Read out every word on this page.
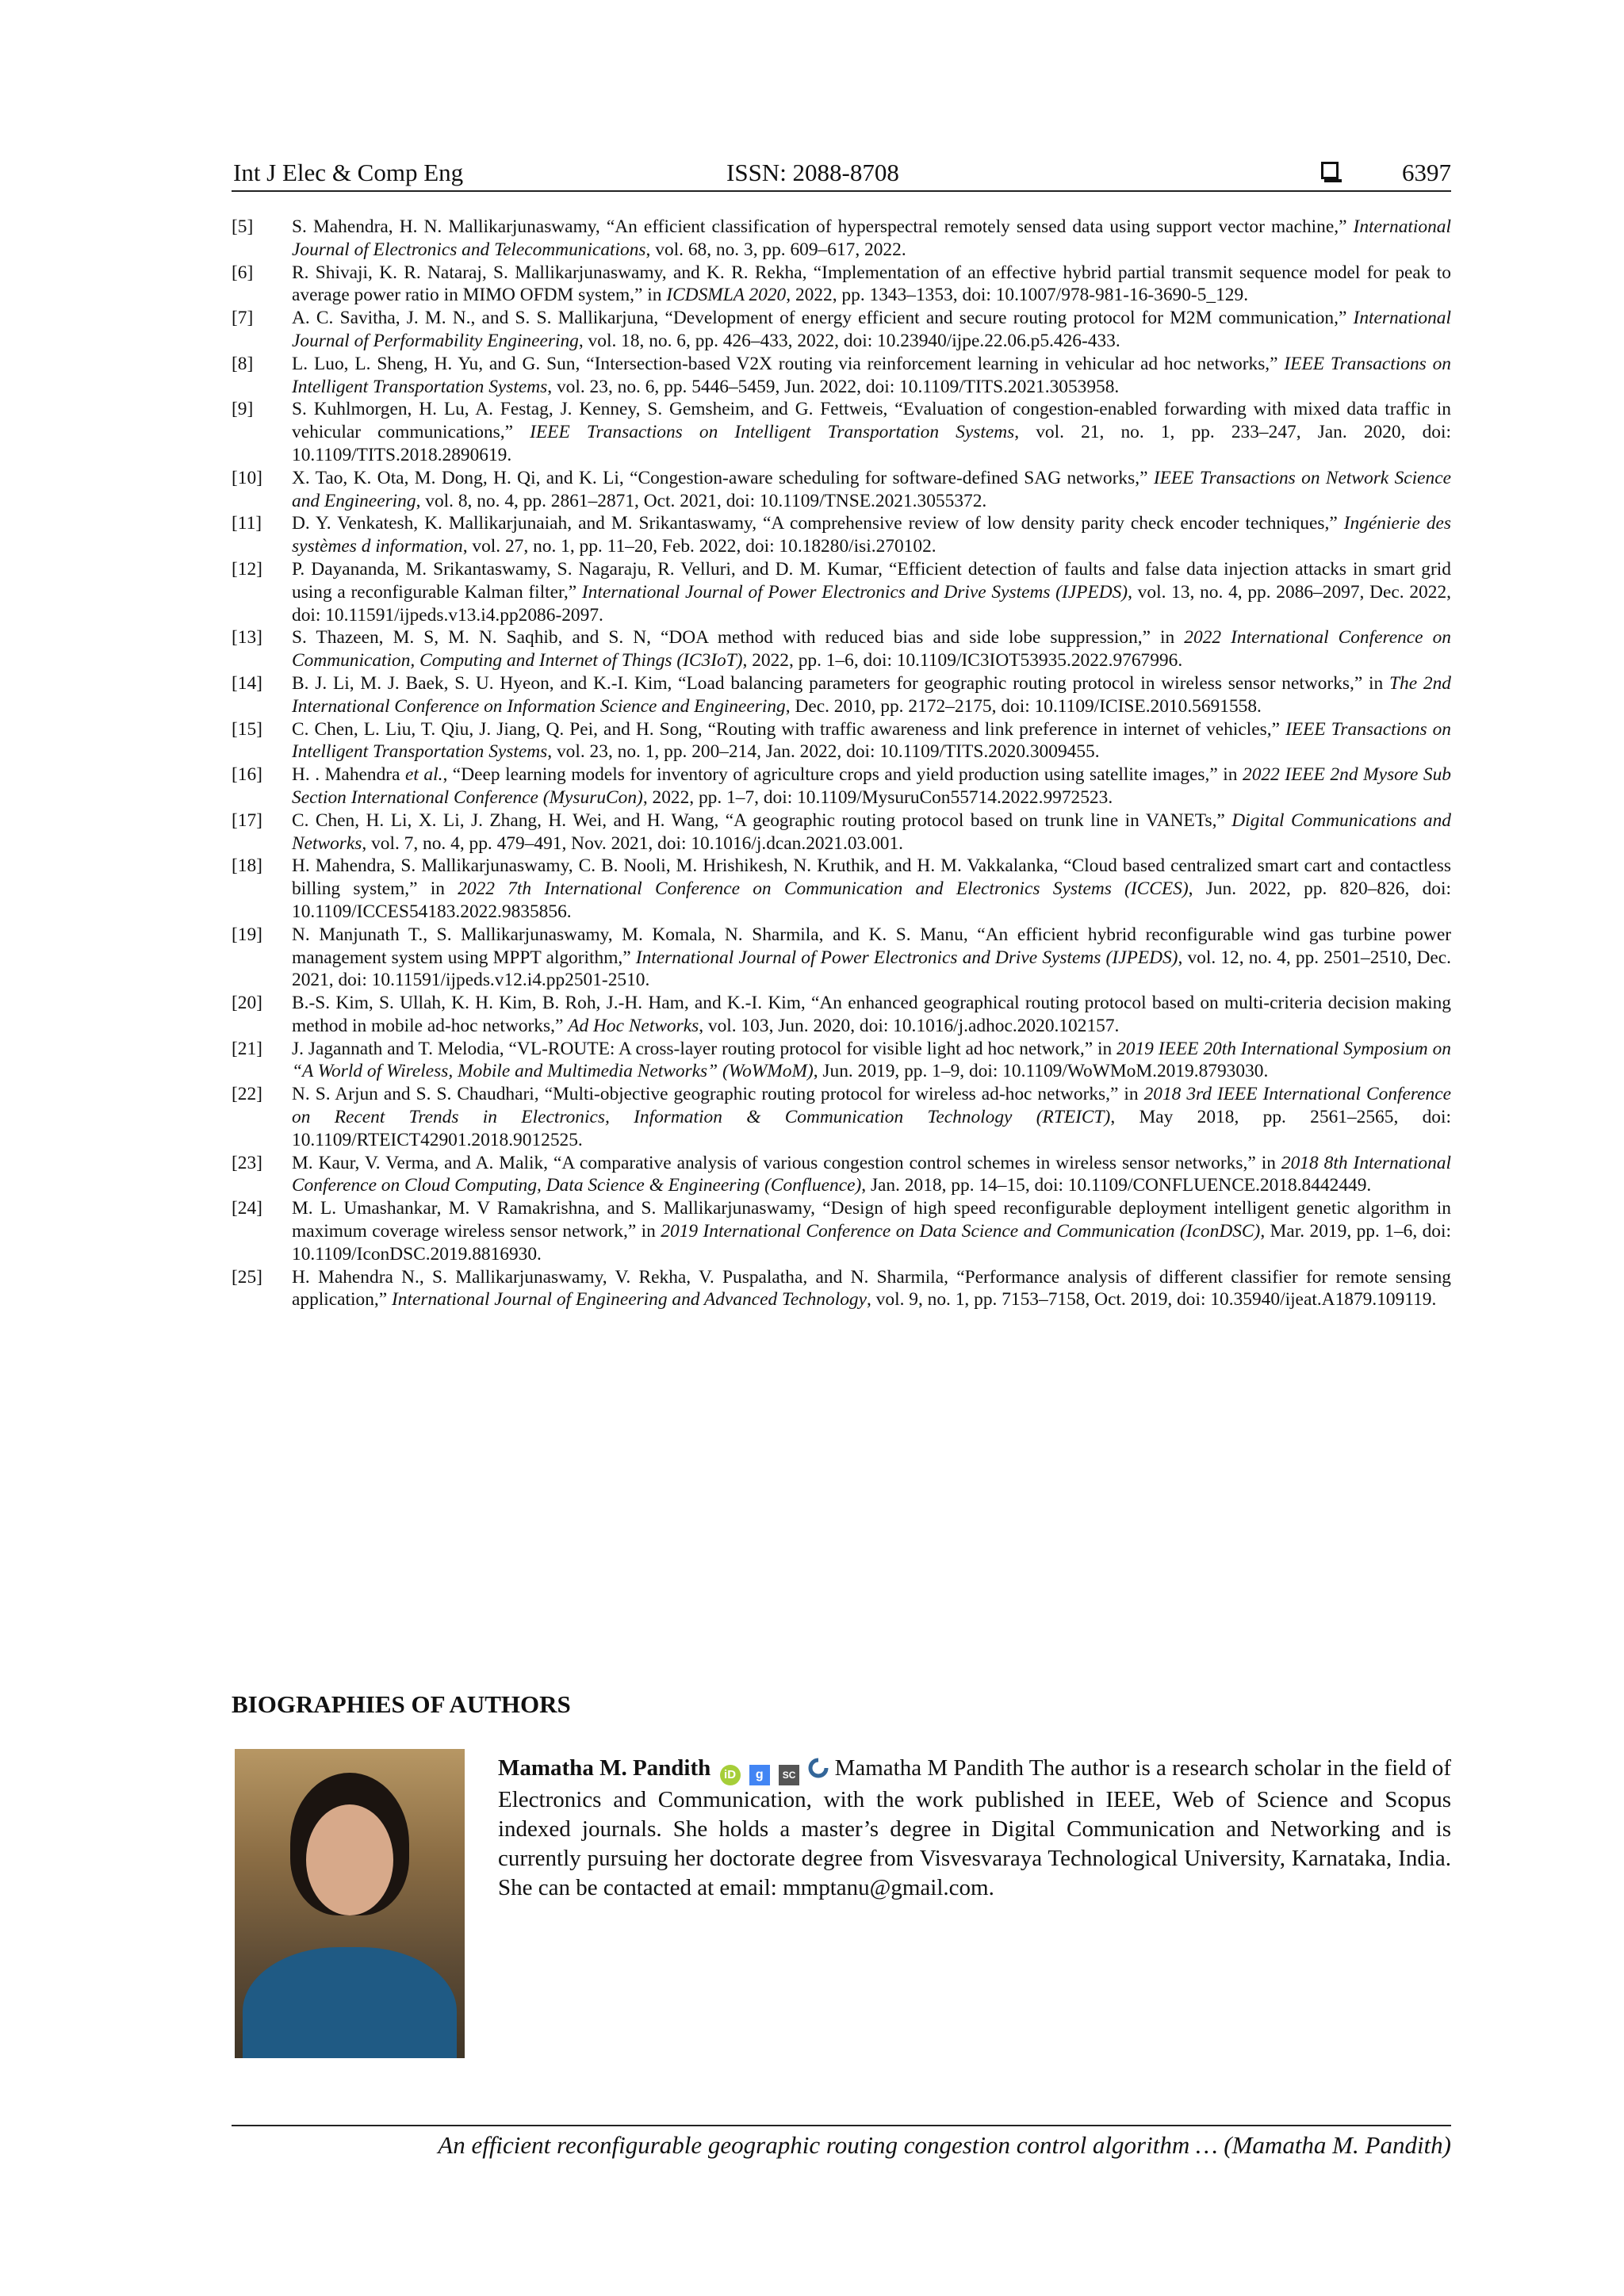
Int J Elec & Comp Eng	ISSN: 2088-8708	6397
[5]	S. Mahendra, H. N. Mallikarjunaswamy, “An efficient classification of hyperspectral remotely sensed data using support vector machine,” International Journal of Electronics and Telecommunications, vol. 68, no. 3, pp. 609–617, 2022.
[6]	R. Shivaji, K. R. Nataraj, S. Mallikarjunaswamy, and K. R. Rekha, “Implementation of an effective hybrid partial transmit sequence model for peak to average power ratio in MIMO OFDM system,” in ICDSMLA 2020, 2022, pp. 1343–1353, doi: 10.1007/978-981-16-3690-5_129.
[7]	A. C. Savitha, J. M. N., and S. S. Mallikarjuna, “Development of energy efficient and secure routing protocol for M2M communication,” International Journal of Performability Engineering, vol. 18, no. 6, pp. 426–433, 2022, doi: 10.23940/ijpe.22.06.p5.426-433.
[8]	L. Luo, L. Sheng, H. Yu, and G. Sun, “Intersection-based V2X routing via reinforcement learning in vehicular ad hoc networks,” IEEE Transactions on Intelligent Transportation Systems, vol. 23, no. 6, pp. 5446–5459, Jun. 2022, doi: 10.1109/TITS.2021.3053958.
[9]	S. Kuhlmorgen, H. Lu, A. Festag, J. Kenney, S. Gemsheim, and G. Fettweis, “Evaluation of congestion-enabled forwarding with mixed data traffic in vehicular communications,” IEEE Transactions on Intelligent Transportation Systems, vol. 21, no. 1, pp. 233–247, Jan. 2020, doi: 10.1109/TITS.2018.2890619.
[10]	X. Tao, K. Ota, M. Dong, H. Qi, and K. Li, “Congestion-aware scheduling for software-defined SAG networks,” IEEE Transactions on Network Science and Engineering, vol. 8, no. 4, pp. 2861–2871, Oct. 2021, doi: 10.1109/TNSE.2021.3055372.
[11]	D. Y. Venkatesh, K. Mallikarjunaiah, and M. Srikantaswamy, “A comprehensive review of low density parity check encoder techniques,” Ingénierie des systèmes d information, vol. 27, no. 1, pp. 11–20, Feb. 2022, doi: 10.18280/isi.270102.
[12]	P. Dayananda, M. Srikantaswamy, S. Nagaraju, R. Velluri, and D. M. Kumar, “Efficient detection of faults and false data injection attacks in smart grid using a reconfigurable Kalman filter,” International Journal of Power Electronics and Drive Systems (IJPEDS), vol. 13, no. 4, pp. 2086–2097, Dec. 2022, doi: 10.11591/ijpeds.v13.i4.pp2086-2097.
[13]	S. Thazeen, M. S, M. N. Saqhib, and S. N, “DOA method with reduced bias and side lobe suppression,” in 2022 International Conference on Communication, Computing and Internet of Things (IC3IoT), 2022, pp. 1–6, doi: 10.1109/IC3IOT53935.2022.9767996.
[14]	B. J. Li, M. J. Baek, S. U. Hyeon, and K.-I. Kim, “Load balancing parameters for geographic routing protocol in wireless sensor networks,” in The 2nd International Conference on Information Science and Engineering, Dec. 2010, pp. 2172–2175, doi: 10.1109/ICISE.2010.5691558.
[15]	C. Chen, L. Liu, T. Qiu, J. Jiang, Q. Pei, and H. Song, “Routing with traffic awareness and link preference in internet of vehicles,” IEEE Transactions on Intelligent Transportation Systems, vol. 23, no. 1, pp. 200–214, Jan. 2022, doi: 10.1109/TITS.2020.3009455.
[16]	H. . Mahendra et al., “Deep learning models for inventory of agriculture crops and yield production using satellite images,” in 2022 IEEE 2nd Mysore Sub Section International Conference (MysuruCon), 2022, pp. 1–7, doi: 10.1109/MysuruCon55714.2022.9972523.
[17]	C. Chen, H. Li, X. Li, J. Zhang, H. Wei, and H. Wang, “A geographic routing protocol based on trunk line in VANETs,” Digital Communications and Networks, vol. 7, no. 4, pp. 479–491, Nov. 2021, doi: 10.1016/j.dcan.2021.03.001.
[18]	H. Mahendra, S. Mallikarjunaswamy, C. B. Nooli, M. Hrishikesh, N. Kruthik, and H. M. Vakkalanka, “Cloud based centralized smart cart and contactless billing system,” in 2022 7th International Conference on Communication and Electronics Systems (ICCES), Jun. 2022, pp. 820–826, doi: 10.1109/ICCES54183.2022.9835856.
[19]	N. Manjunath T., S. Mallikarjunaswamy, M. Komala, N. Sharmila, and K. S. Manu, “An efficient hybrid reconfigurable wind gas turbine power management system using MPPT algorithm,” International Journal of Power Electronics and Drive Systems (IJPEDS), vol. 12, no. 4, pp. 2501–2510, Dec. 2021, doi: 10.11591/ijpeds.v12.i4.pp2501-2510.
[20]	B.-S. Kim, S. Ullah, K. H. Kim, B. Roh, J.-H. Ham, and K.-I. Kim, “An enhanced geographical routing protocol based on multi-criteria decision making method in mobile ad-hoc networks,” Ad Hoc Networks, vol. 103, Jun. 2020, doi: 10.1016/j.adhoc.2020.102157.
[21]	J. Jagannath and T. Melodia, “VL-ROUTE: A cross-layer routing protocol for visible light ad hoc network,” in 2019 IEEE 20th International Symposium on “A World of Wireless, Mobile and Multimedia Networks” (WoWMoM), Jun. 2019, pp. 1–9, doi: 10.1109/WoWMoM.2019.8793030.
[22]	N. S. Arjun and S. S. Chaudhari, “Multi-objective geographic routing protocol for wireless ad-hoc networks,” in 2018 3rd IEEE International Conference on Recent Trends in Electronics, Information & Communication Technology (RTEICT), May 2018, pp. 2561–2565, doi: 10.1109/RTEICT42901.2018.9012525.
[23]	M. Kaur, V. Verma, and A. Malik, “A comparative analysis of various congestion control schemes in wireless sensor networks,” in 2018 8th International Conference on Cloud Computing, Data Science & Engineering (Confluence), Jan. 2018, pp. 14–15, doi: 10.1109/CONFLUENCE.2018.8442449.
[24]	M. L. Umashankar, M. V Ramakrishna, and S. Mallikarjunaswamy, “Design of high speed reconfigurable deployment intelligent genetic algorithm in maximum coverage wireless sensor network,” in 2019 International Conference on Data Science and Communication (IconDSC), Mar. 2019, pp. 1–6, doi: 10.1109/IconDSC.2019.8816930.
[25]	H. Mahendra N., S. Mallikarjunaswamy, V. Rekha, V. Puspalatha, and N. Sharmila, “Performance analysis of different classifier for remote sensing application,” International Journal of Engineering and Advanced Technology, vol. 9, no. 1, pp. 7153–7158, Oct. 2019, doi: 10.35940/ijeat.A1879.109119.
BIOGRAPHIES OF AUTHORS
Mamatha M. Pandith iD g SC Mamatha M Pandith The author is a research scholar in the field of Electronics and Communication, with the work published in IEEE, Web of Science and Scopus indexed journals. She holds a master’s degree in Digital Communication and Networking and is currently pursuing her doctorate degree from Visvesvaraya Technological University, Karnataka, India. She can be contacted at email: mmptanu@gmail.com.
An efficient reconfigurable geographic routing congestion control algorithm … (Mamatha M. Pandith)
